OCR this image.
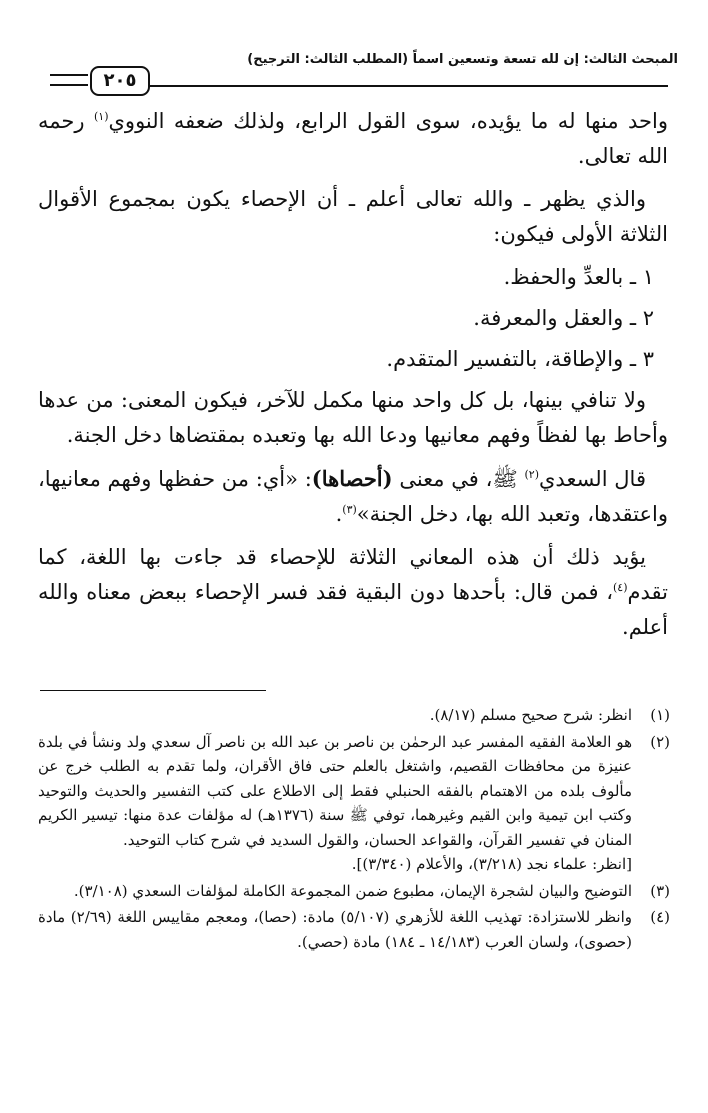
المبحث الثالث: إن لله تسعة وتسعين اسماً (المطلب الثالث: الترجيح)
٢٠٥

واحد منها له ما يؤيده، سوى القول الرابع، ولذلك ضعفه النووي$^{(١)}$ رحمه الله تعالى.

والذي يظهر ـ والله تعالى أعلم ـ أن الإحصاء يكون بمجموع الأقوال الثلاثة الأولى فيكون:

١ ـ بالعدِّ والحفظ.

٢ ـ والعقل والمعرفة.

٣ ـ والإطاقة، بالتفسير المتقدم.

ولا تنافي بينها، بل كل واحد منها مكمل للآخر، فيكون المعنى: من عدها وأحاط بها لفظاً وفهم معانيها ودعا الله بها وتعبده بمقتضاها دخل الجنة.

قال السعدي$^{(٢)}$ ﷺ، في معنى (أحصاها): «أي: من حفظها وفهم معانيها، واعتقدها، وتعبد الله بها، دخل الجنة»$^{(٣)}$.

يؤيد ذلك أن هذه المعاني الثلاثة للإحصاء قد جاءت بها اللغة، كما تقدم$^{(٤)}$، فمن قال: بأحدها دون البقية فقد فسر الإحصاء ببعض معناه والله أعلم.

(١)
انظر: شرح صحيح مسلم (٨/١٧).
(٢)
هو العلامة الفقيه المفسر عبد الرحمٰن بن ناصر بن عبد الله بن ناصر آل سعدي ولد ونشأ في بلدة عنيزة من محافظات القصيم، واشتغل بالعلم حتى فاق الأقران، ولما تقدم به الطلب خرج عن مألوف بلده من الاهتمام بالفقه الحنبلي فقط إلى الاطلاع على كتب التفسير والحديث والتوحيد وكتب ابن تيمية وابن القيم وغيرهما، توفي ﷺ سنة (١٣٧٦هـ) له مؤلفات عدة منها: تيسير الكريم المنان في تفسير القرآن، والقواعد الحسان، والقول السديد في شرح كتاب التوحيد.
[انظر: علماء نجد (٣/٢١٨)، والأعلام (٣/٣٤٠)].
(٣)
التوضيح والبيان لشجرة الإيمان، مطبوع ضمن المجموعة الكاملة لمؤلفات السعدي (٣/١٠٨).
(٤)
وانظر للاستزادة: تهذيب اللغة للأزهري (٥/١٠٧) مادة: (حصا)، ومعجم مقاييس اللغة (٢/٦٩) مادة (حصوى)، ولسان العرب (١٤/١٨٣ ـ ١٨٤) مادة (حصي).
